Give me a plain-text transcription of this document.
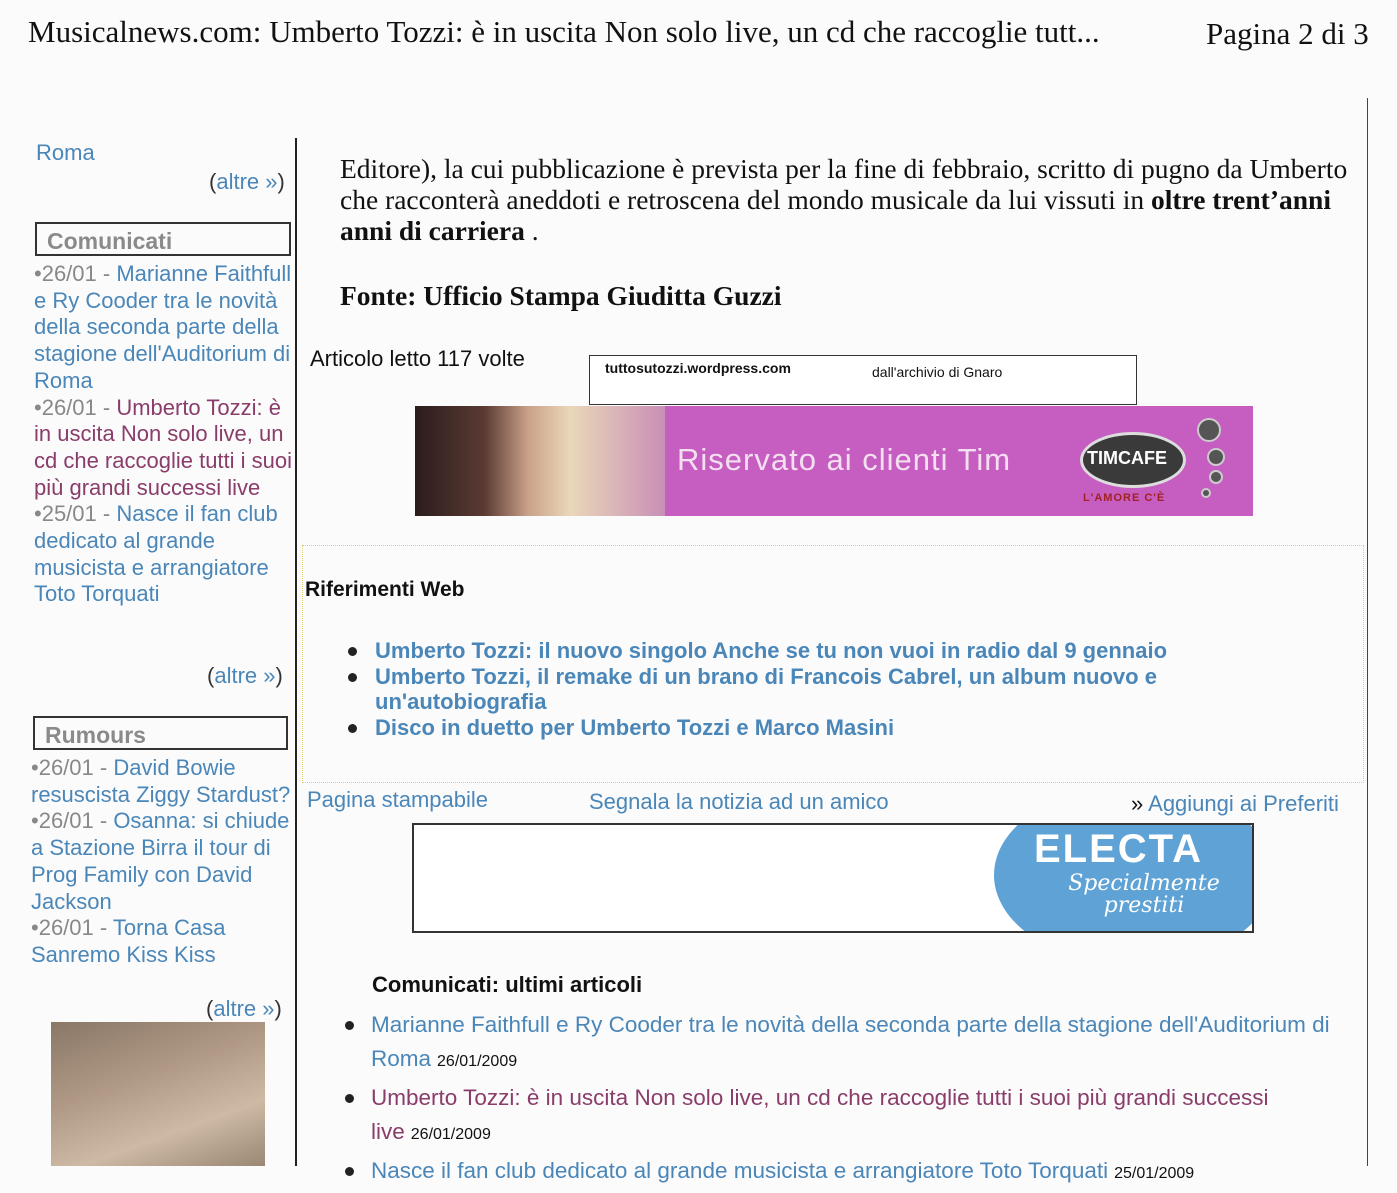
Musicalnews.com: Umberto Tozzi: è in uscita Non solo live, un cd che raccoglie tutt...	Pagina 2 di 3
Roma
(altre »)
Comunicati
•26/01 - Marianne Faithfull e Ry Cooder tra le novità della seconda parte della stagione dell'Auditorium di Roma
•26/01 - Umberto Tozzi: è in uscita Non solo live, un cd che raccoglie tutti i suoi più grandi successi live
•25/01 - Nasce il fan club dedicato al grande musicista e arrangiatore Toto Torquati
(altre »)
Rumours
•26/01 - David Bowie resuscista Ziggy Stardust?
•26/01 - Osanna: si chiude a Stazione Birra il tour di Prog Family con David Jackson
•26/01 - Torna Casa Sanremo Kiss Kiss
(altre »)
Editore), la cui pubblicazione è prevista per la fine di febbraio, scritto di pugno da Umberto che racconterà aneddoti e retroscena del mondo musicale da lui vissuti in oltre trent’anni anni di carriera .
Fonte: Ufficio Stampa Giuditta Guzzi
Articolo letto 117 volte	tuttosutozzi.wordpress.com	dall'archivio di Gnaro
Riservato ai clienti Tim	TIMCAFE
L'AMORE C'È
Riferimenti Web
Umberto Tozzi: il nuovo singolo Anche se tu non vuoi in radio dal 9 gennaio
Umberto Tozzi, il remake di un brano di Francois Cabrel, un album nuovo e un'autobiografia
Disco in duetto per Umberto Tozzi e Marco Masini
Pagina stampabile	Segnala la notizia ad un amico	» Aggiungi ai Preferiti
ELECTA
Specialmente prestiti
Comunicati: ultimi articoli
Marianne Faithfull e Ry Cooder tra le novità della seconda parte della stagione dell'Auditorium di Roma 26/01/2009
Umberto Tozzi: è in uscita Non solo live, un cd che raccoglie tutti i suoi più grandi successi live 26/01/2009
Nasce il fan club dedicato al grande musicista e arrangiatore Toto Torquati 25/01/2009
